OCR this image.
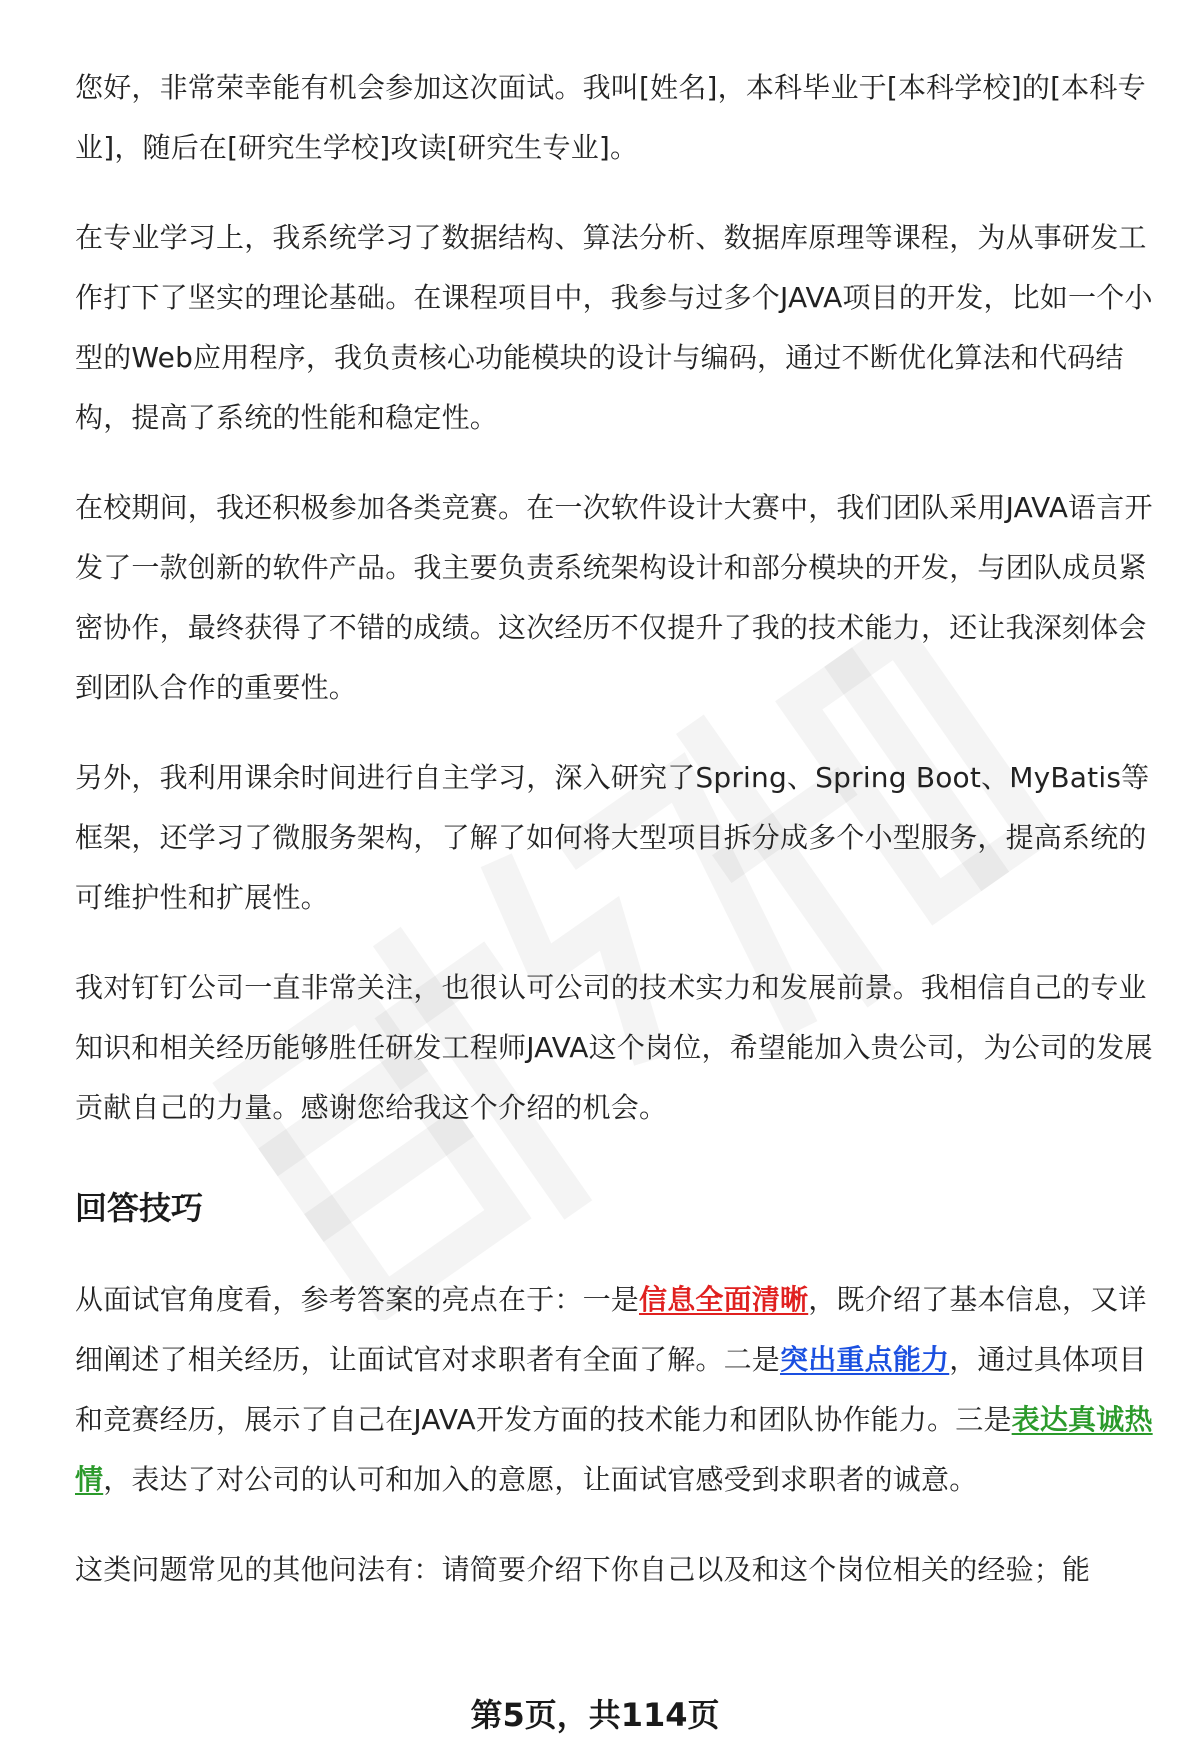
您好，非常荣幸能有机会参加这次面试。我叫[姓名]，本科毕业于[本科学校]的[本科专业]，随后在[研究生学校]攻读[研究生专业]。

在专业学习上，我系统学习了数据结构、算法分析、数据库原理等课程，为从事研发工作打下了坚实的理论基础。在课程项目中，我参与过多个JAVA项目的开发，比如一个小型的Web应用程序，我负责核心功能模块的设计与编码，通过不断优化算法和代码结构，提高了系统的性能和稳定性。

在校期间，我还积极参加各类竞赛。在一次软件设计大赛中，我们团队采用JAVA语言开发了一款创新的软件产品。我主要负责系统架构设计和部分模块的开发，与团队成员紧密协作，最终获得了不错的成绩。这次经历不仅提升了我的技术能力，还让我深刻体会到团队合作的重要性。

另外，我利用课余时间进行自主学习，深入研究了Spring、Spring Boot、MyBatis等框架，还学习了微服务架构，了解了如何将大型项目拆分成多个小型服务，提高系统的可维护性和扩展性。

我对钉钉公司一直非常关注，也很认可公司的技术实力和发展前景。我相信自己的专业知识和相关经历能够胜任研发工程师JAVA这个岗位，希望能加入贵公司，为公司的发展贡献自己的力量。感谢您给我这个介绍的机会。

回答技巧

从面试官角度看，参考答案的亮点在于：一是信息全面清晰，既介绍了基本信息，又详细阐述了相关经历，让面试官对求职者有全面了解。二是突出重点能力，通过具体项目和竞赛经历，展示了自己在JAVA开发方面的技术能力和团队协作能力。三是表达真诚热情，表达了对公司的认可和加入的意愿，让面试官感受到求职者的诚意。

这类问题常见的其他问法有：请简要介绍下你自己以及和这个岗位相关的经验；能

第5页，共114页
